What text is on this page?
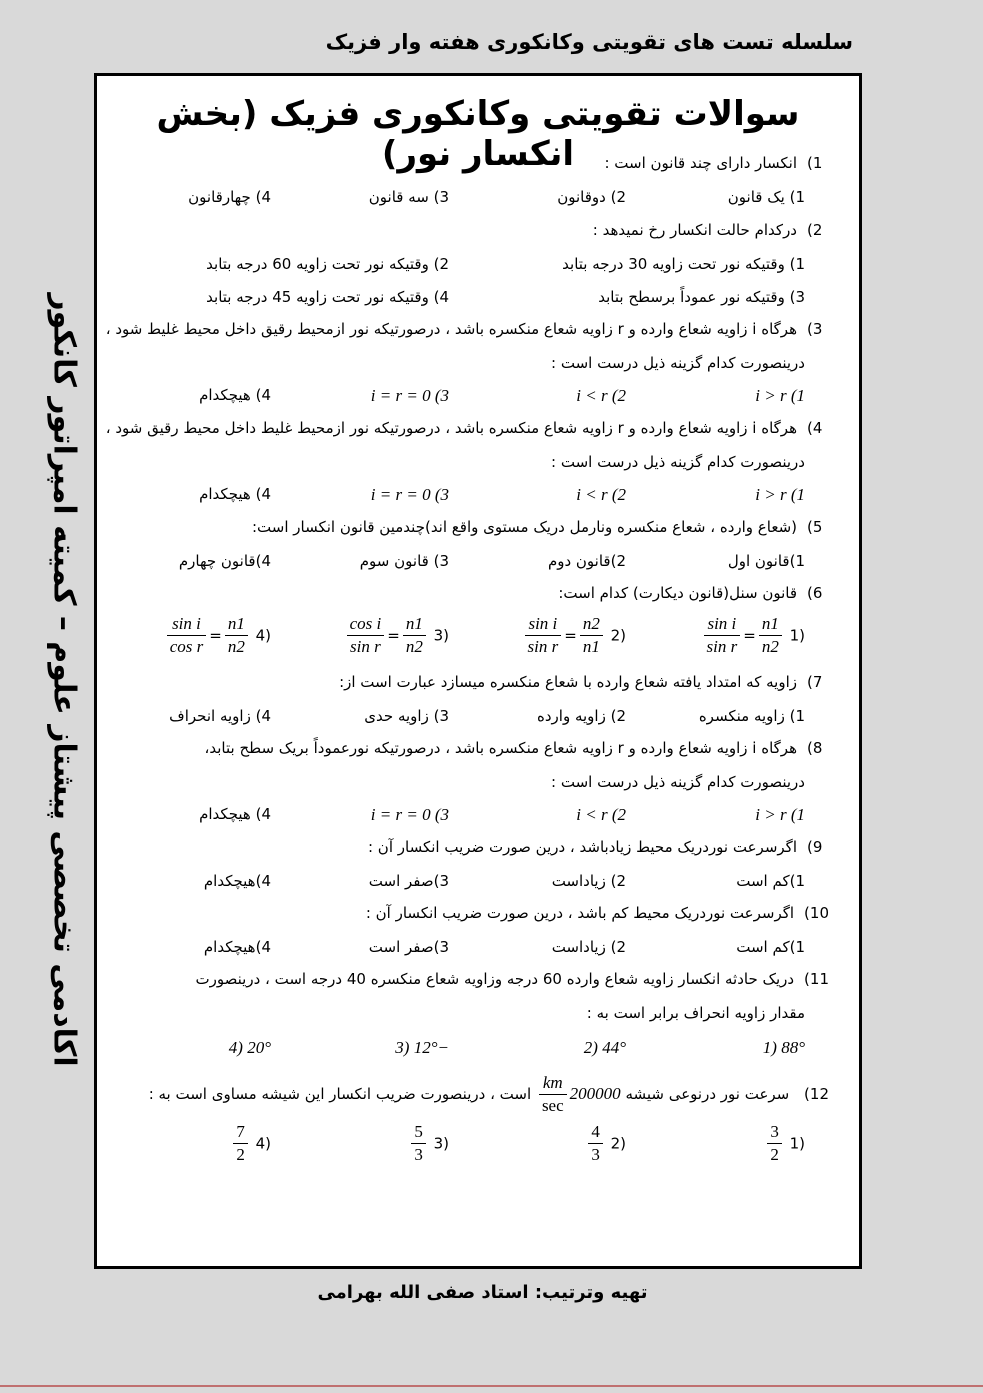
سلسله تست های تقویتی وکانکوری هفته وار فزیک
اکادمی تخصصی پیشتاز علوم – کمیته امپراتور کانکور
سوالات تقویتی وکانکوری فزیک (بخش انکسار نور)	1)انکسار دارای چند قانون است :
1) یک قانون
2) دوقانون
3) سه قانون
4) چهارقانون
2)درکدام حالت انکسار رخ نمیدهد :
1) وقتیکه نور تحت زاویه 30 درجه بتابد
2) وقتیکه نور تحت زاویه 60 درجه بتابد
3) وقتیکه نور عموداً برسطح بتابد
4) وقتیکه نور تحت زاویه 45 درجه بتابد
3)هرگاه i زاویه شعاع وارده و r زاویه شعاع منکسره باشد ، درصورتیکه نور ازمحیط رقیق داخل محیط غلیط شود ،
درینصورت کدام گزینه ذیل درست است :
i > r (1
i < r (2
i = r = 0 (3
4) هیچکدام
4)هرگاه i زاویه شعاع وارده و r زاویه شعاع منکسره باشد ، درصورتیکه نور ازمحیط غلیط داخل محیط رقیق شود ،
درینصورت کدام گزینه ذیل درست است :
i > r (1
i < r (2
i = r = 0 (3
4) هیچکدام
5)(شعاع وارده ، شعاع منکسره ونارمل دریک مستوی واقع اند)چندمین قانون انکسار است:
1)قانون اول
2)قانون دوم
3) قانون سوم
4)قانون چهارم
6)قانون سنل(قانون دیکارت) کدام است:
(1
$\frac{n1}{n2}$
=
$\frac{\text{sin i}}{\text{sin r}}$
(2
$\frac{n2}{n1}$
=
$\frac{\text{sin i}}{\text{sin r}}$
(3
$\frac{n1}{n2}$
=
$\frac{\text{cos i}}{\text{sin r}}$
(4
$\frac{n1}{n2}$
=
$\frac{\text{sin i}}{\text{cos r}}$
7)زاویه که امتداد یافته شعاع وارده با شعاع منکسره میسازد عبارت است از:
1) زاویه منکسره
2) زاویه وارده
3) زاویه حدی
4) زاویه انحراف
8)هرگاه i زاویه شعاع وارده و r زاویه شعاع منکسره باشد ، درصورتیکه نورعموداً بریک سطح بتابد،
درینصورت کدام گزینه ذیل درست است :
i > r (1
i < r (2
i = r = 0 (3
4) هیچکدام
9)اگرسرعت نوردریک محیط زیادباشد ، درین صورت ضریب انکسار آن :
1)کم است
2) زیاداست
3)صفر است
4)هیچکدام
10)اگرسرعت نوردریک محیط کم باشد ، درین صورت ضریب انکسار آن :
1)کم است
2) زیاداست
3)صفر است
4)هیچکدام
11)دریک حادثه انکسار زاویه شعاع وارده 60 درجه وزاویه شعاع منکسره 40 درجه است ، درینصورت
مقدار زاویه انحراف برابر است به :
88° (1
44° (2
−12° (3
20° (4
12) سرعت نور درنوعی شیشه 200000
$\frac{km}{\sec}$
است ، درینصورت ضریب انکسار این شیشه مساوی است به :
(1
$\frac{3}{2}$
(2
$\frac{4}{3}$
(3
$\frac{5}{3}$
(4
$\frac{7}{2}$
تهیه وترتیب: استاد صفی الله بهرامی
